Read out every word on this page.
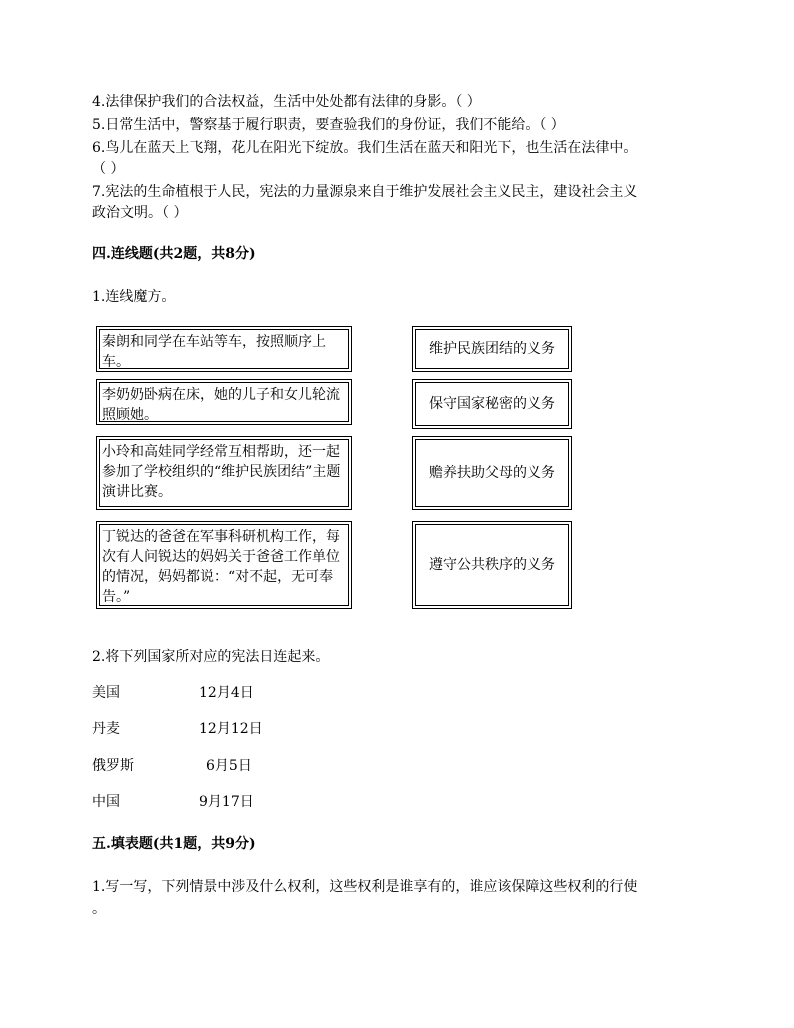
4.法律保护我们的合法权益，生活中处处都有法律的身影。（ ）
5.日常生活中，警察基于履行职责，要查验我们的身份证，我们不能给。（ ）
6.鸟儿在蓝天上飞翔，花儿在阳光下绽放。我们生活在蓝天和阳光下，也生活在法律中。
（ ）
7.宪法的生命植根于人民，宪法的力量源泉来自于维护发展社会主义民主，建设社会主义
政治文明。（ ）
四.连线题(共2题，共8分)
1.连线魔方。
秦朗和同学在车站等车，按照顺序上车。
李奶奶卧病在床，她的儿子和女儿轮流照顾她。
小玲和高娃同学经常互相帮助，还一起参加了学校组织的“维护民族团结”主题演讲比赛。
丁锐达的爸爸在军事科研机构工作，每次有人问锐达的妈妈关于爸爸工作单位的情况，妈妈都说：“对不起，无可奉告。”
维护民族团结的义务
保守国家秘密的义务
赡养扶助父母的义务
遵守公共秩序的义务
2.将下列国家所对应的宪法日连起来。
美国	12月4日
丹麦	12月12日
俄罗斯	6月5日
中国	9月17日
五.填表题(共1题，共9分)
1.写一写，下列情景中涉及什么权利，这些权利是谁享有的，谁应该保障这些权利的行使
。
